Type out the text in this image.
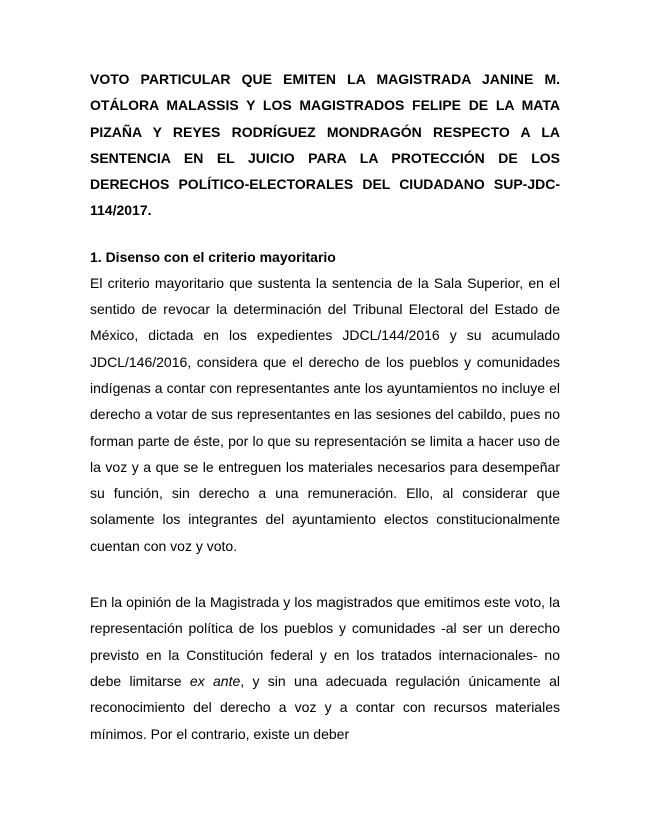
VOTO PARTICULAR QUE EMITEN LA MAGISTRADA JANINE M. OTÁLORA MALASSIS Y LOS MAGISTRADOS FELIPE DE LA MATA PIZAÑA Y REYES RODRÍGUEZ MONDRAGÓN RESPECTO A LA SENTENCIA EN EL JUICIO PARA LA PROTECCIÓN DE LOS DERECHOS POLÍTICO-ELECTORALES DEL CIUDADANO SUP-JDC-114/2017.

1. Disenso con el criterio mayoritario

El criterio mayoritario que sustenta la sentencia de la Sala Superior, en el sentido de revocar la determinación del Tribunal Electoral del Estado de México, dictada en los expedientes JDCL/144/2016 y su acumulado JDCL/146/2016, considera que el derecho de los pueblos y comunidades indígenas a contar con representantes ante los ayuntamientos no incluye el derecho a votar de sus representantes en las sesiones del cabildo, pues no forman parte de éste, por lo que su representación se limita a hacer uso de la voz y a que se le entreguen los materiales necesarios para desempeñar su función, sin derecho a una remuneración. Ello, al considerar que solamente los integrantes del ayuntamiento electos constitucionalmente cuentan con voz y voto.

En la opinión de la Magistrada y los magistrados que emitimos este voto, la representación política de los pueblos y comunidades -al ser un derecho previsto en la Constitución federal y en los tratados internacionales- no debe limitarse ex ante, y sin una adecuada regulación únicamente al reconocimiento del derecho a voz y a contar con recursos materiales mínimos. Por el contrario, existe un deber
